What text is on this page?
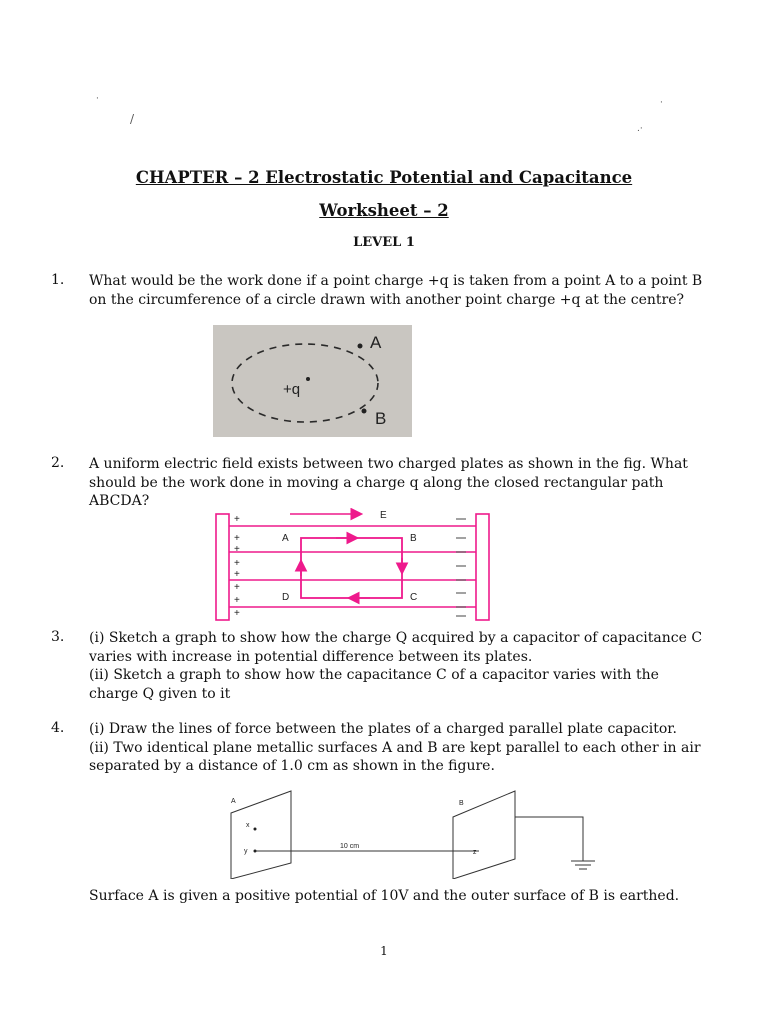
·	·
/
.·
CHAPTER – 2 Electrostatic Potential and Capacitance
Worksheet – 2
LEVEL 1
1. What would be the work done if a point charge +q is taken from a point A to a point B
on the circumference of a circle drawn with another point charge +q at the centre?
+q
A
B
2. A uniform electric field exists between two charged plates as shown in the fig. What
should be the work done in moving a charge q along the closed rectangular path
ABCDA?
E
A	B
C
D
+
+
+
+
+
+
+
+
3. (i) Sketch a graph to show how the charge Q acquired by a capacitor of capacitance C
varies with increase in potential difference between its plates.
(ii) Sketch a graph to show how the capacitance C of a capacitor varies with the
charge Q given to it
4. (i) Draw the lines of force between the plates of a charged parallel plate capacitor.
(ii) Two identical plane metallic surfaces A and B are kept parallel to each other in air
separated by a distance of 1.0 cm as shown in the figure.
A	B
x
y	z
10 cm
Surface A is given a positive potential of 10V and the outer surface of B is earthed.
1
